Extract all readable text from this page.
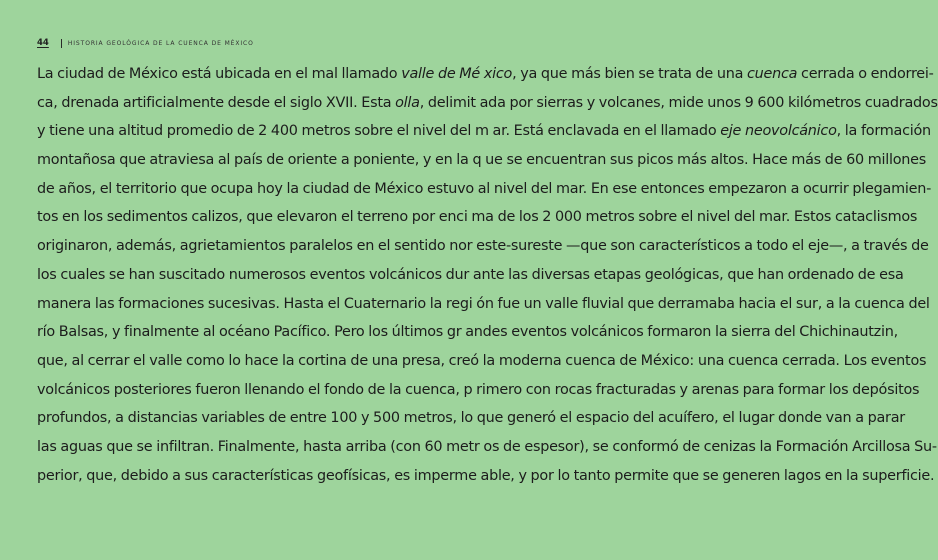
44	HISTORIA GEOLÓGICA DE LA CUENCA DE MÉXICO
La ciudad de México está ubicada en el mal llamado valle de Mé xico, ya que más bien se trata de una cuenca cerrada o endorrei-
ca, drenada artificialmente desde el siglo XVII. Esta olla, delimit ada por sierras y volcanes, mide unos 9 600 kilómetros cuadrados
y tiene una altitud promedio de 2 400 metros sobre el nivel del m ar. Está enclavada en el llamado eje neovolcánico, la formación
montañosa que atraviesa al país de oriente a poniente, y en la q ue se encuentran sus picos más altos. Hace más de 60 millones
de años, el territorio que ocupa hoy la ciudad de México estuvo al nivel del mar. En ese entonces empezaron a ocurrir plegamien-
tos en los sedimentos calizos, que elevaron el terreno por enci ma de los 2 000 metros sobre el nivel del mar. Estos cataclismos
originaron, además, agrietamientos paralelos en el sentido nor este-sureste —que son característicos a todo el eje—, a través de
los cuales se han suscitado numerosos eventos volcánicos dur ante las diversas etapas geológicas, que han ordenado de esa
manera las formaciones sucesivas. Hasta el Cuaternario la regi ón fue un valle fluvial que derramaba hacia el sur, a la cuenca del
río Balsas, y finalmente al océano Pacífico. Pero los últimos gr andes eventos volcánicos formaron la sierra del Chichinautzin,
que, al cerrar el valle como lo hace la cortina de una presa, creó la moderna cuenca de México: una cuenca cerrada. Los eventos
volcánicos posteriores fueron llenando el fondo de la cuenca, p rimero con rocas fracturadas y arenas para formar los depósitos
profundos, a distancias variables de entre 100 y 500 metros, lo que generó el espacio del acuífero, el lugar donde van a parar
las aguas que se infiltran. Finalmente, hasta arriba (con 60 metr os de espesor), se conformó de cenizas la Formación Arcillosa Su-
perior, que, debido a sus características geofísicas, es imperme able, y por lo tanto permite que se generen lagos en la superficie.
